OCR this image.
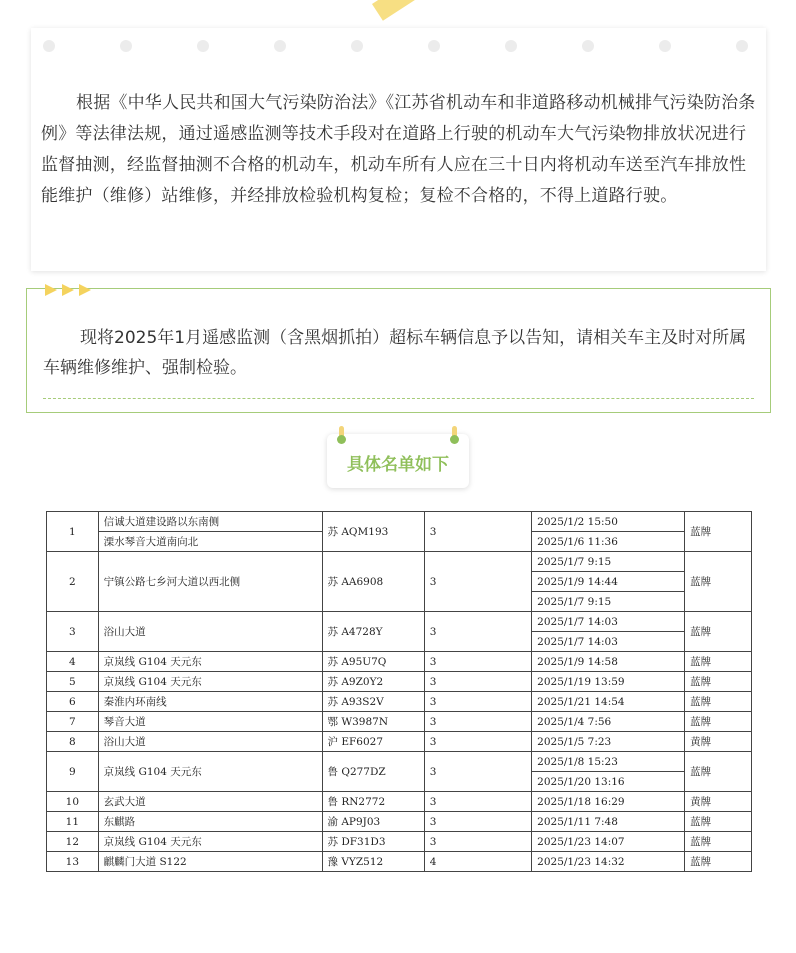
根据《中华人民共和国大气污染防治法》《江苏省机动车和非道路移动机械排气污染防治条例》等法律法规，通过遥感监测等技术手段对在道路上行驶的机动车大气污染物排放状况进行监督抽测，经监督抽测不合格的机动车，机动车所有人应在三十日内将机动车送至汽车排放性能维护（维修）站维修，并经排放检验机构复检；复检不合格的，不得上道路行驶。

现将2025年1月遥感监测（含黑烟抓拍）超标车辆信息予以告知，请相关车主及时对所属车辆维修维护、强制检验。

具体名单如下
1	信诚大道建设路以东南侧	苏 AQM193	3	2025/1/2 15:50	蓝牌
	溧水琴音大道南向北			2025/1/6 11:36	
2	宁镇公路七乡河大道以西北侧	苏 AA6908	3	2025/1/7 9:15	蓝牌
				2025/1/9 14:44	
				2025/1/7 9:15	
3	浴山大道	苏 A4728Y	3	2025/1/7 14:03	蓝牌
				2025/1/7 14:03	
4	京岚线 G104 天元东	苏 A95U7Q	3	2025/1/9 14:58	蓝牌
5	京岚线 G104 天元东	苏 A9Z0Y2	3	2025/1/19 13:59	蓝牌
6	秦淮内环南线	苏 A93S2V	3	2025/1/21 14:54	蓝牌
7	琴音大道	鄂 W3987N	3	2025/1/4 7:56	蓝牌
8	浴山大道	沪 EF6027	3	2025/1/5 7:23	黄牌
9	京岚线 G104 天元东	鲁 Q277DZ	3	2025/1/8 15:23	蓝牌
				2025/1/20 13:16	
10	玄武大道	鲁 RN2772	3	2025/1/18 16:29	黄牌
11	东麒路	渝 AP9J03	3	2025/1/11 7:48	蓝牌
12	京岚线 G104 天元东	苏 DF31D3	3	2025/1/23 14:07	蓝牌
13	麒麟门大道 S122	豫 VYZ512	4	2025/1/23 14:32	蓝牌
